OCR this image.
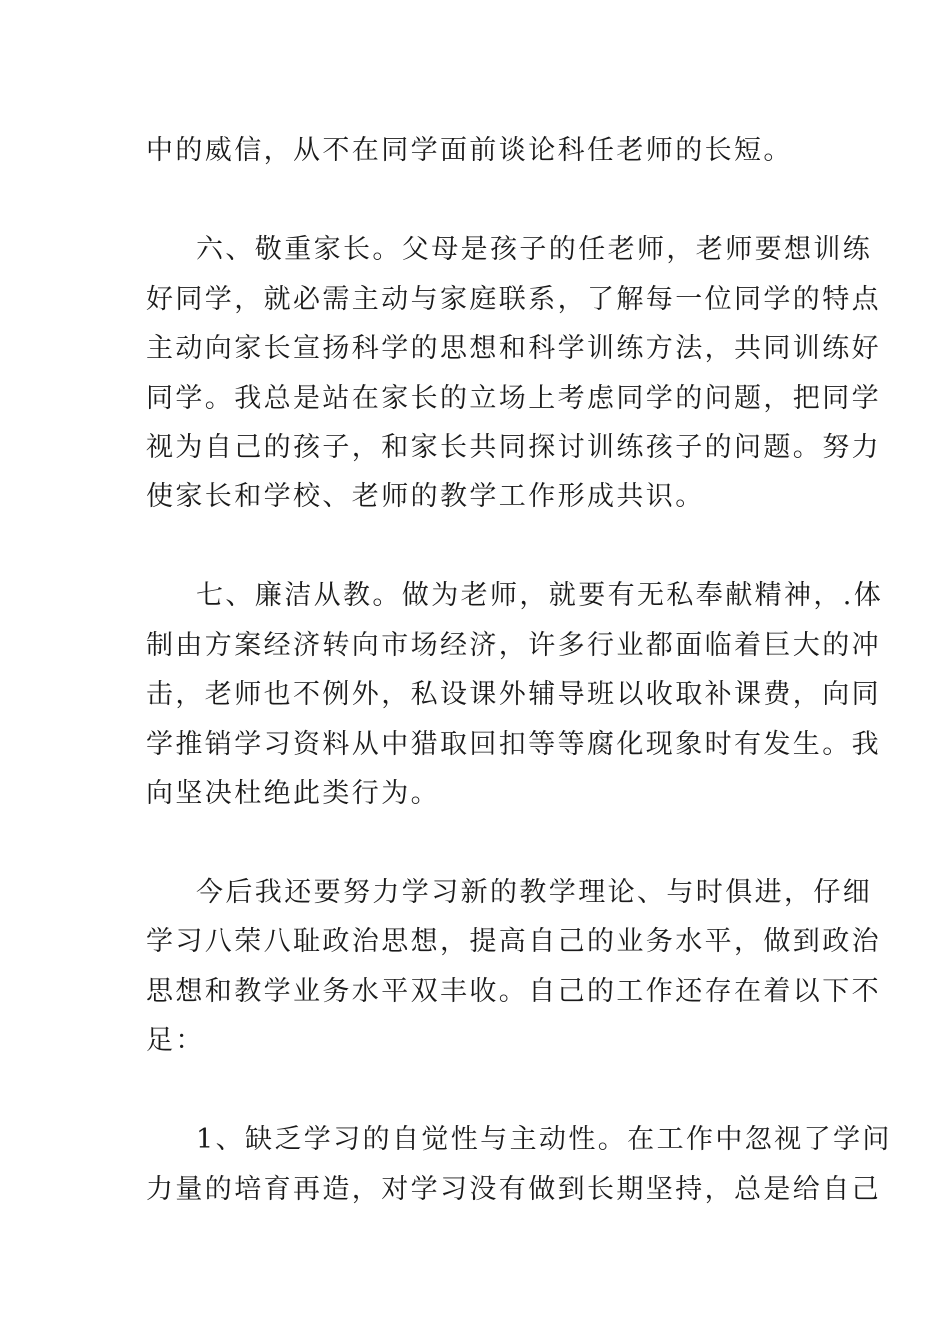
中的威信，从不在同学面前谈论科任老师的长短。
六、敬重家长。父母是孩子的任老师，老师要想训练
好同学，就必需主动与家庭联系，了解每一位同学的特点
主动向家长宣扬科学的思想和科学训练方法，共同训练好
同学。我总是站在家长的立场上考虑同学的问题，把同学
视为自己的孩子，和家长共同探讨训练孩子的问题。努力
使家长和学校、老师的教学工作形成共识。
七、廉洁从教。做为老师，就要有无私奉献精神，.体
制由方案经济转向市场经济，许多行业都面临着巨大的冲
击，老师也不例外，私设课外辅导班以收取补课费，向同
学推销学习资料从中猎取回扣等等腐化现象时有发生。我
向坚决杜绝此类行为。
今后我还要努力学习新的教学理论、与时俱进，仔细
学习八荣八耻政治思想，提高自己的业务水平，做到政治
思想和教学业务水平双丰收。自己的工作还存在着以下不
足：
1、缺乏学习的自觉性与主动性。在工作中忽视了学问
力量的培育再造，对学习没有做到长期坚持，总是给自己
